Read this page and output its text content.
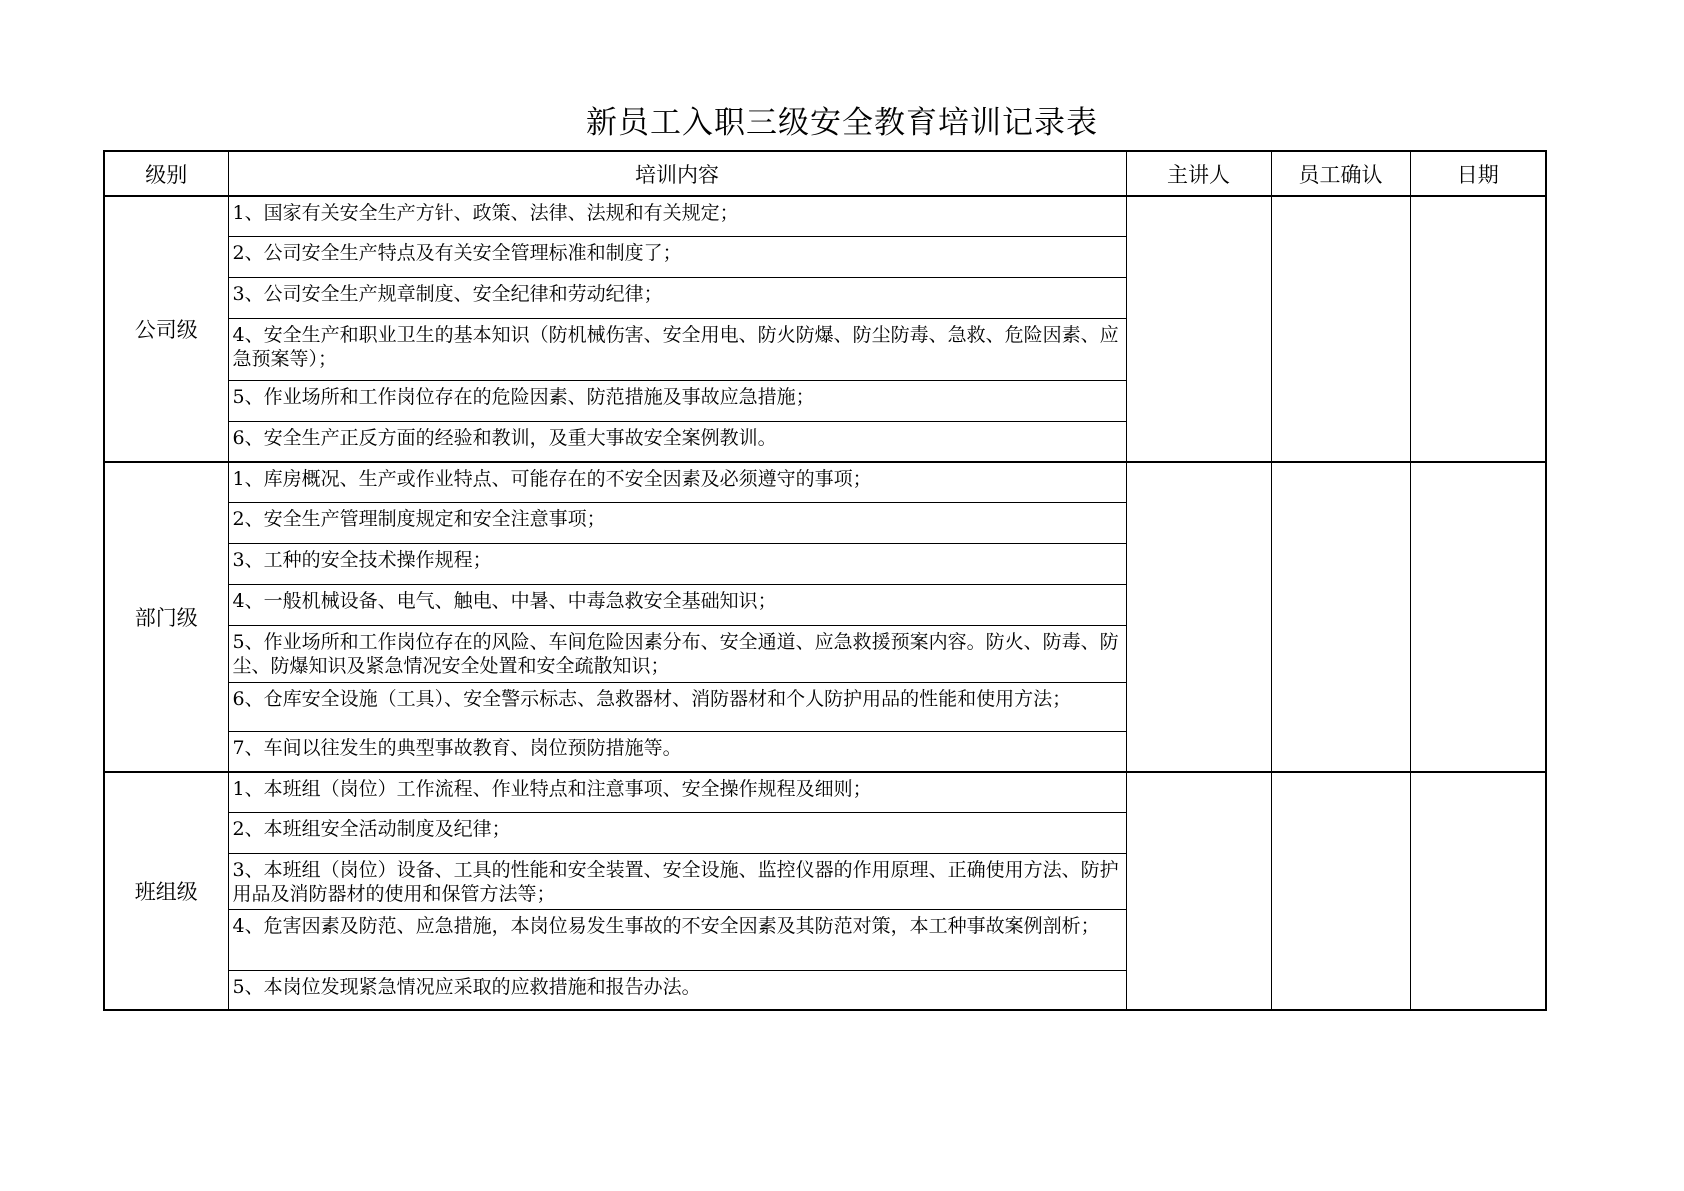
新员工入职三级安全教育培训记录表
级别	培训内容	主讲人	员工确认	日期
公司级	1、国家有关安全生产方针、政策、法律、法规和有关规定；			
	2、公司安全生产特点及有关安全管理标准和制度了；			
	3、公司安全生产规章制度、安全纪律和劳动纪律；			
	4、安全生产和职业卫生的基本知识（防机械伤害、安全用电、防火防爆、防尘防毒、急救、危险因素、应急预案等）；			
	5、作业场所和工作岗位存在的危险因素、防范措施及事故应急措施；			
	6、安全生产正反方面的经验和教训，及重大事故安全案例教训。			
部门级	1、库房概况、生产或作业特点、可能存在的不安全因素及必须遵守的事项；			
	2、安全生产管理制度规定和安全注意事项；			
	3、工种的安全技术操作规程；			
	4、一般机械设备、电气、触电、中暑、中毒急救安全基础知识；			
	5、作业场所和工作岗位存在的风险、车间危险因素分布、安全通道、应急救援预案内容。防火、防毒、防尘、防爆知识及紧急情况安全处置和安全疏散知识；			
	6、仓库安全设施（工具）、安全警示标志、急救器材、消防器材和个人防护用品的性能和使用方法；			
	7、车间以往发生的典型事故教育、岗位预防措施等。			
班组级	1、本班组（岗位）工作流程、作业特点和注意事项、安全操作规程及细则；			
	2、本班组安全活动制度及纪律；			
	3、本班组（岗位）设备、工具的性能和安全装置、安全设施、监控仪器的作用原理、正确使用方法、防护用品及消防器材的使用和保管方法等；			
	4、危害因素及防范、应急措施，本岗位易发生事故的不安全因素及其防范对策，本工种事故案例剖析；			
	5、本岗位发现紧急情况应采取的应救措施和报告办法。			
